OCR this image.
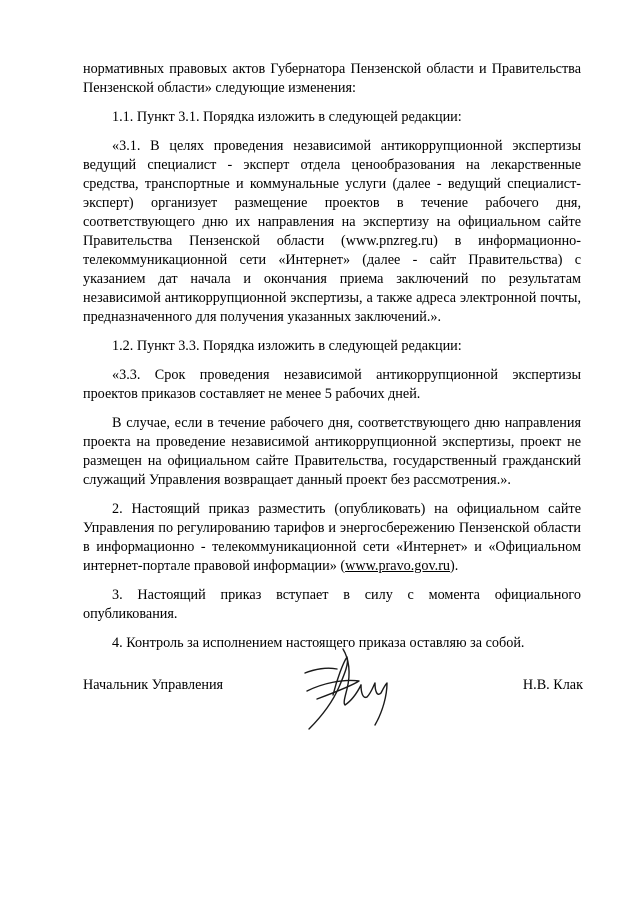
нормативных правовых актов Губернатора Пензенской области и Правительства Пензенской области» следующие изменения:

1.1. Пункт 3.1. Порядка изложить в следующей редакции:

«3.1. В целях проведения независимой антикоррупционной экспертизы ведущий специалист - эксперт отдела ценообразования на лекарственные средства, транспортные и коммунальные услуги (далее - ведущий специалист-эксперт) организует размещение проектов в течение рабочего дня, соответствующего дню их направления на экспертизу на официальном сайте Правительства Пензенской области (www.pnzreg.ru) в информационно-телекоммуникационной сети «Интернет» (далее - сайт Правительства) с указанием дат начала и окончания приема заключений по результатам независимой антикоррупционной экспертизы, а также адреса электронной почты, предназначенного для получения указанных заключений.».

1.2. Пункт 3.3. Порядка изложить в следующей редакции:

«3.3. Срок проведения независимой антикоррупционной экспертизы проектов приказов составляет не менее 5 рабочих дней.

В случае, если в течение рабочего дня, соответствующего дню направления проекта на проведение независимой антикоррупционной экспертизы, проект не размещен на официальном сайте Правительства, государственный гражданский служащий Управления возвращает данный проект без рассмотрения.».

2. Настоящий приказ разместить (опубликовать) на официальном сайте Управления по регулированию тарифов и энергосбережению Пензенской области в информационно - телекоммуникационной сети «Интернет» и «Официальном интернет-портале правовой информации» (www.pravo.gov.ru).

3. Настоящий приказ вступает в силу с момента официального опубликования.

4. Контроль за исполнением настоящего приказа оставляю за собой.

Начальник Управления	Н.В. Клак
